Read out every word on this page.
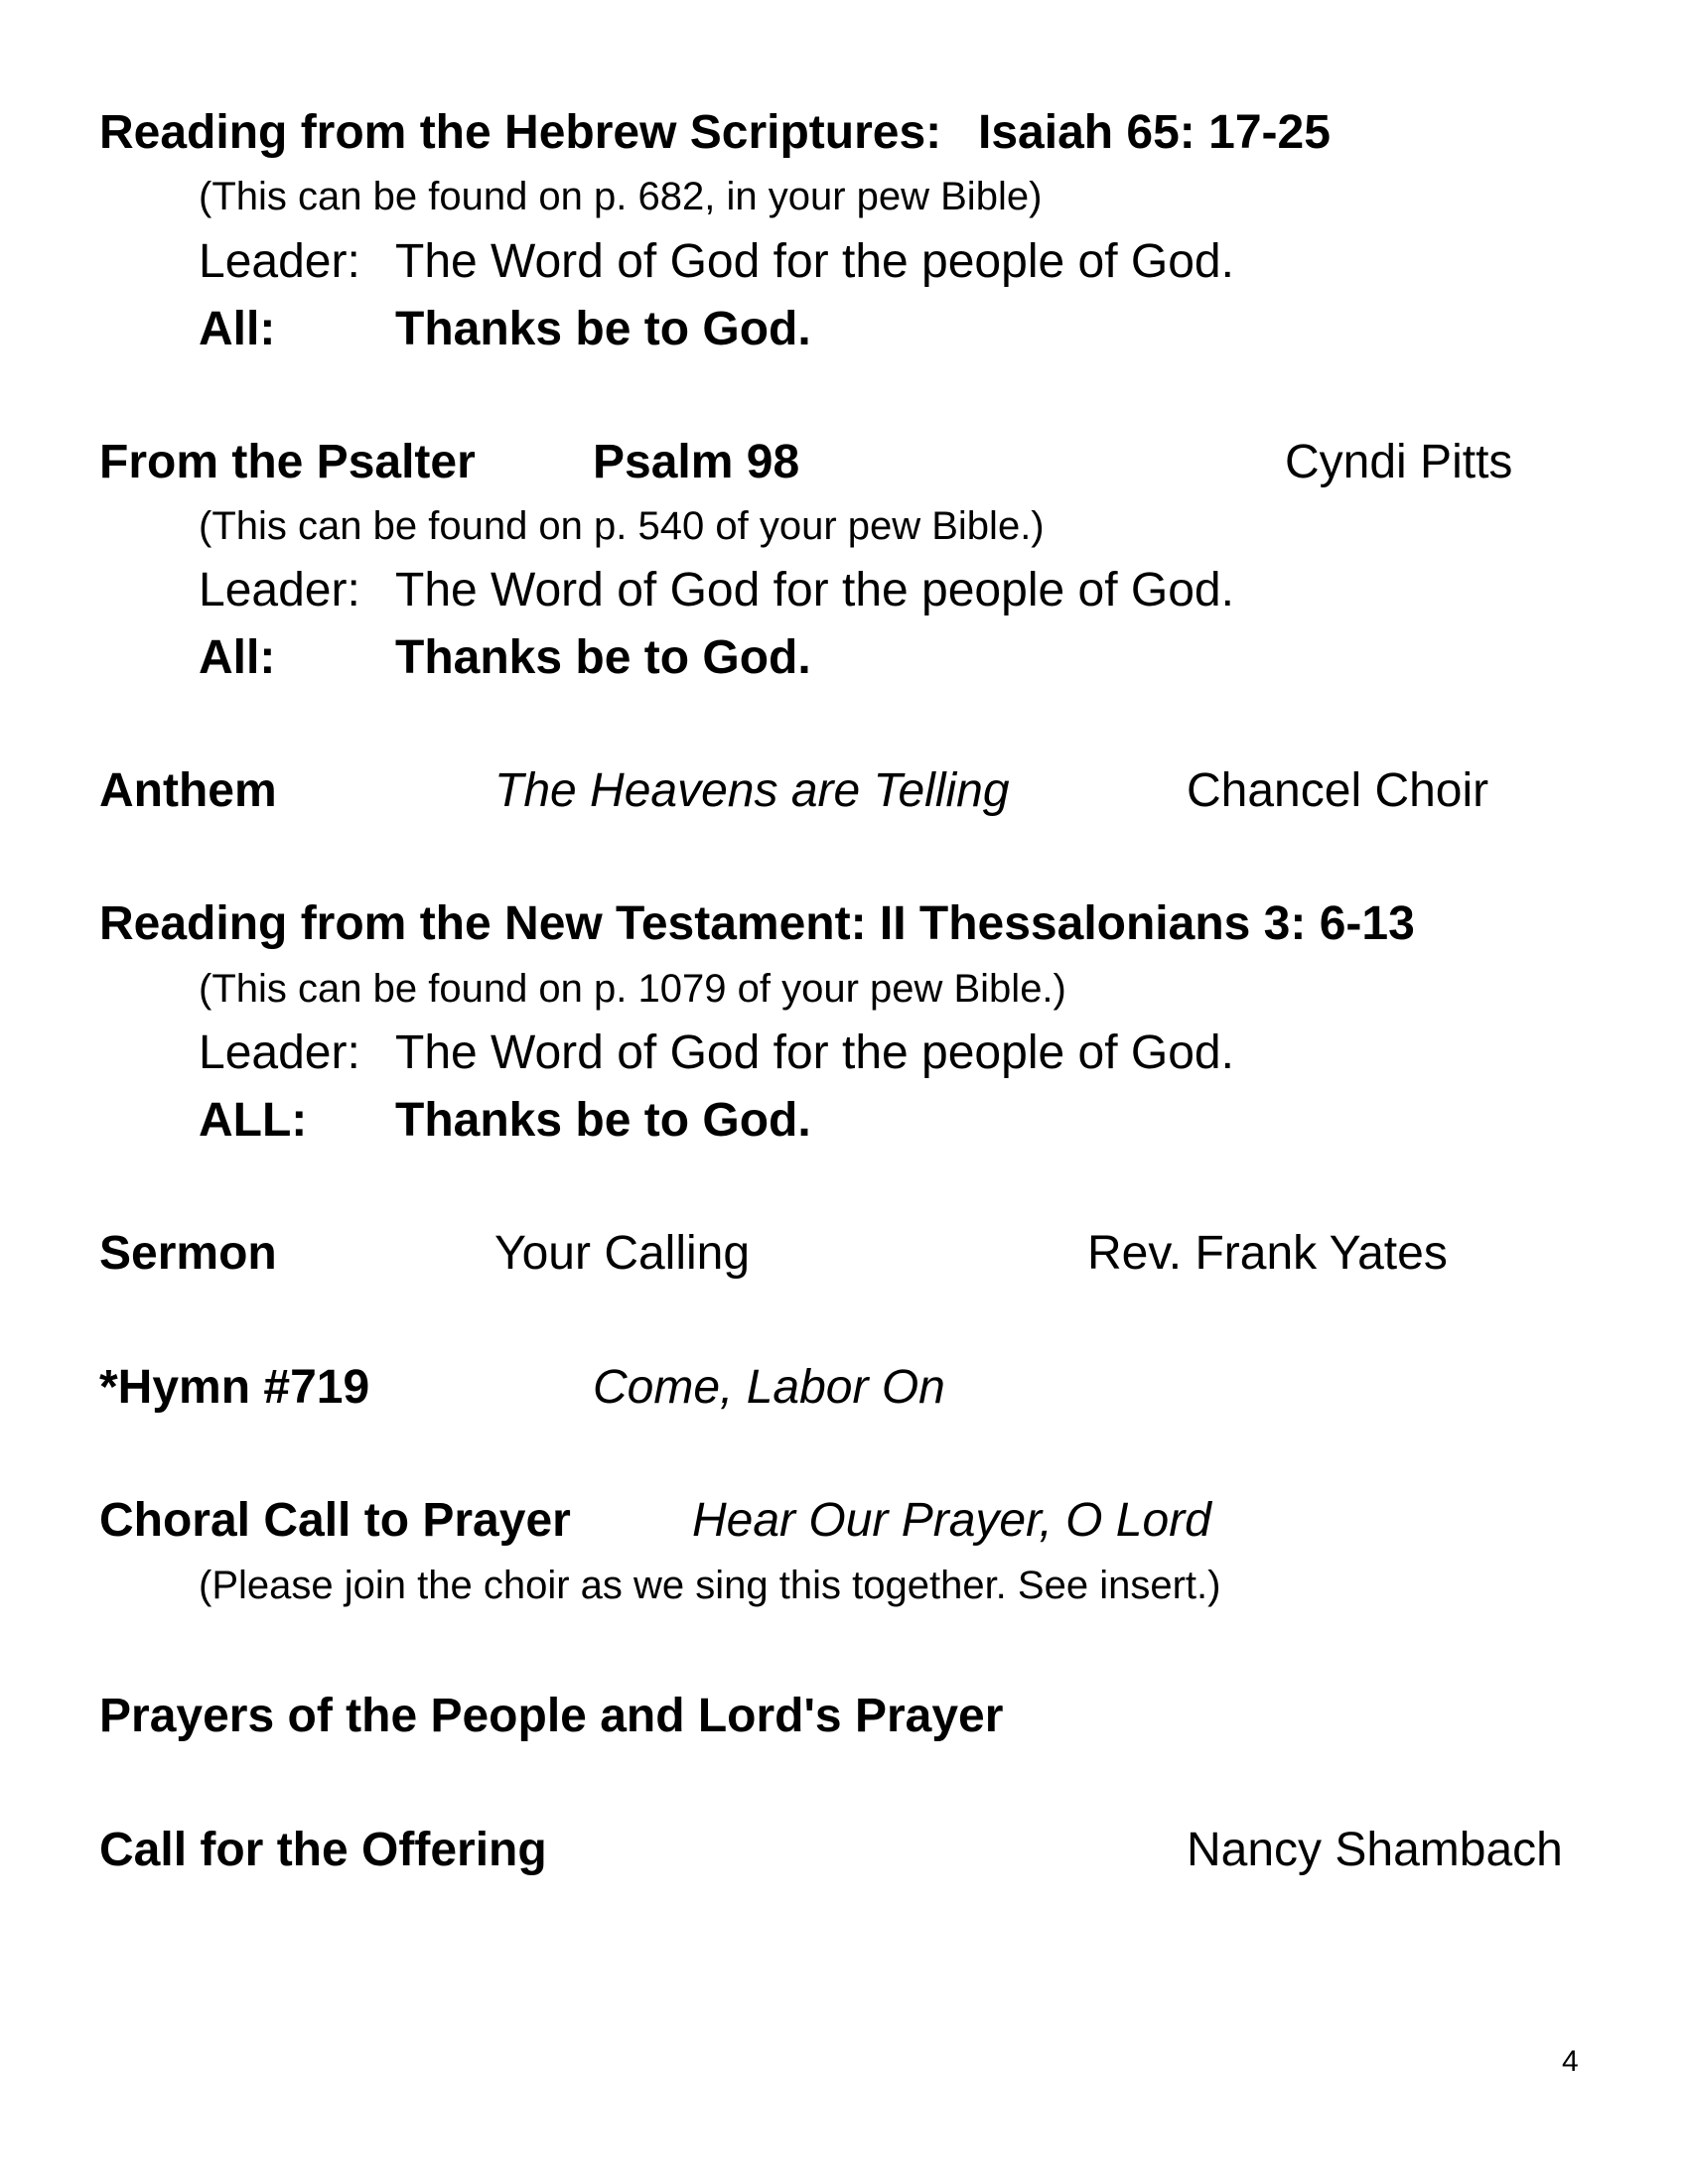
Reading from the Hebrew Scriptures: Isaiah 65: 17-25
(This can be found on p. 682, in your pew Bible)
Leader: The Word of God for the people of God.
All:	Thanks be to God.
From the Psalter Psalm 98	Cyndi Pitts
(This can be found on p. 540 of your pew Bible.)
Leader: The Word of God for the people of God.
All:	Thanks be to God.
Anthem	The Heavens are Telling	Chancel Choir
Reading from the New Testament: II Thessalonians 3: 6-13
(This can be found on p. 1079 of your pew Bible.)
Leader: The Word of God for the people of God.
ALL: Thanks be to God.
Sermon	Your Calling	Rev. Frank Yates
*Hymn #719	Come, Labor On
Choral Call to Prayer	Hear Our Prayer, O Lord
(Please join the choir as we sing this together. See insert.)
Prayers of the People and Lord's Prayer
Call for the Offering	Nancy Shambach
4
